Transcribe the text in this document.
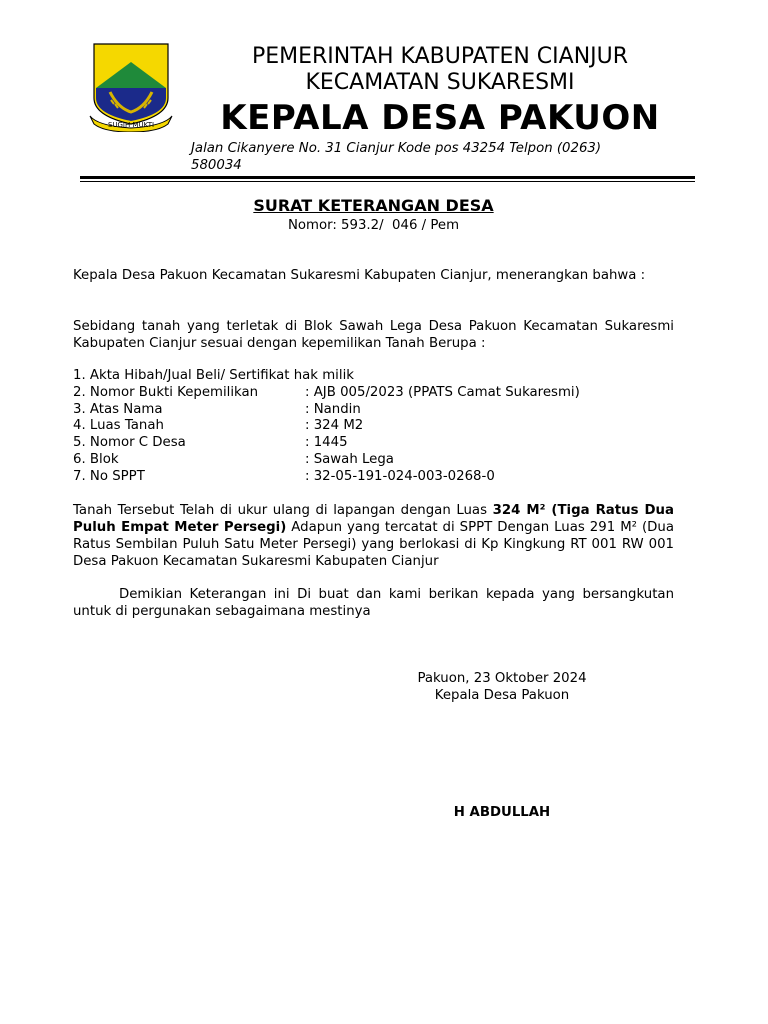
SUGIH MUKTI
PEMERINTAH KABUPATEN CIANJUR
KECAMATAN SUKARESMI
KEPALA DESA PAKUON
Jalan Cikanyere No. 31 Cianjur Kode pos 43254 Telpon (0263) 580034
SURAT KETERANGAN DESA
Nomor: 593.2/  046 / Pem
Kepala Desa Pakuon Kecamatan Sukaresmi Kabupaten Cianjur, menerangkan bahwa :
Sebidang tanah yang terletak di Blok Sawah Lega Desa Pakuon Kecamatan Sukaresmi Kabupaten Cianjur sesuai dengan kepemilikan Tanah Berupa :
1. Akta Hibah/Jual Beli/ Sertifikat hak milik
2. Nomor Bukti Kepemilikan	: AJB 005/2023 (PPATS Camat Sukaresmi)
3. Atas Nama	: Nandin
4. Luas Tanah	: 324 M2
5. Nomor C Desa	: 1445
6. Blok	: Sawah Lega
7. No SPPT	: 32-05-191-024-003-0268-0
Tanah Tersebut Telah di ukur ulang di lapangan dengan Luas 324 M² (Tiga Ratus Dua Puluh Empat Meter Persegi) Adapun yang tercatat di SPPT Dengan Luas 291 M² (Dua Ratus Sembilan Puluh Satu Meter Persegi) yang berlokasi di Kp Kingkung RT 001 RW 001 Desa Pakuon Kecamatan Sukaresmi Kabupaten Cianjur
Demikian Keterangan ini Di buat dan kami berikan kepada yang bersangkutan untuk di pergunakan sebagaimana mestinya
Pakuon, 23 Oktober 2024
Kepala Desa Pakuon
H ABDULLAH
